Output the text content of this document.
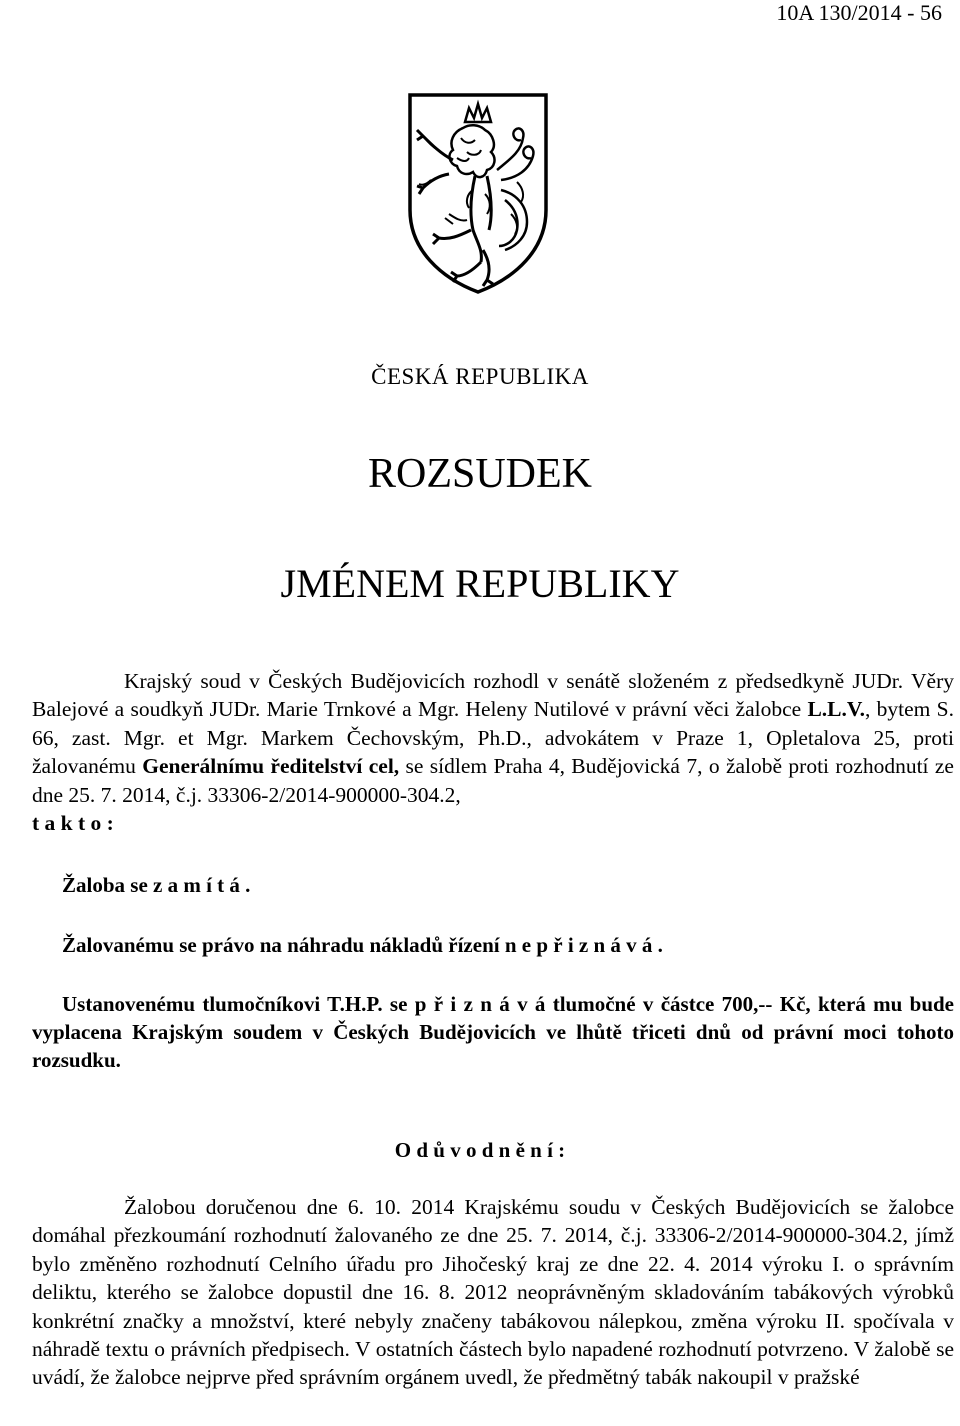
10A 130/2014 - 56
ČESKÁ REPUBLIKA
ROZSUDEK
JMÉNEM REPUBLIKY

Krajský soud v Českých Budějovicích rozhodl v senátě složeném z předsedkyně JUDr. Věry Balejové a soudkyň JUDr. Marie Trnkové a Mgr. Heleny Nutilové v právní věci žalobce L.L.V., bytem S. 66, zast. Mgr. et Mgr. Markem Čechovským, Ph.D., advokátem v Praze 1, Opletalova 25, proti žalovanému Generálnímu ředitelství cel, se sídlem Praha 4, Budějovická 7, o žalobě proti rozhodnutí ze dne 25. 7. 2014, č.j. 33306-2/2014-900000-304.2,
t a k t o :

Žaloba se z a m í t á .
Žalovanému se právo na náhradu nákladů řízení n e p ř i z n á v á .
Ustanovenému tlumočníkovi T.H.P. se p ř i z n á v á tlumočné v částce 700,-- Kč, která mu bude vyplacena Krajským soudem v Českých Budějovicích ve lhůtě třiceti dnů od právní moci tohoto rozsudku.
O d ů v o d n ě n í :
Žalobou doručenou dne 6. 10. 2014 Krajskému soudu v Českých Budějovicích se žalobce domáhal přezkoumání rozhodnutí žalovaného ze dne 25. 7. 2014, č.j. 33306-2/2014-900000-304.2, jímž bylo změněno rozhodnutí Celního úřadu pro Jihočeský kraj ze dne 22. 4. 2014 výroku I. o správním deliktu, kterého se žalobce dopustil dne 16. 8. 2012 neoprávněným skladováním tabákových výrobků konkrétní značky a množství, které nebyly značeny tabákovou nálepkou, změna výroku II. spočívala v náhradě textu o právních předpisech. V ostatních částech bylo napadené rozhodnutí potvrzeno. V žalobě se uvádí, že žalobce nejprve před správním orgánem uvedl, že předmětný tabák nakoupil v pražské
